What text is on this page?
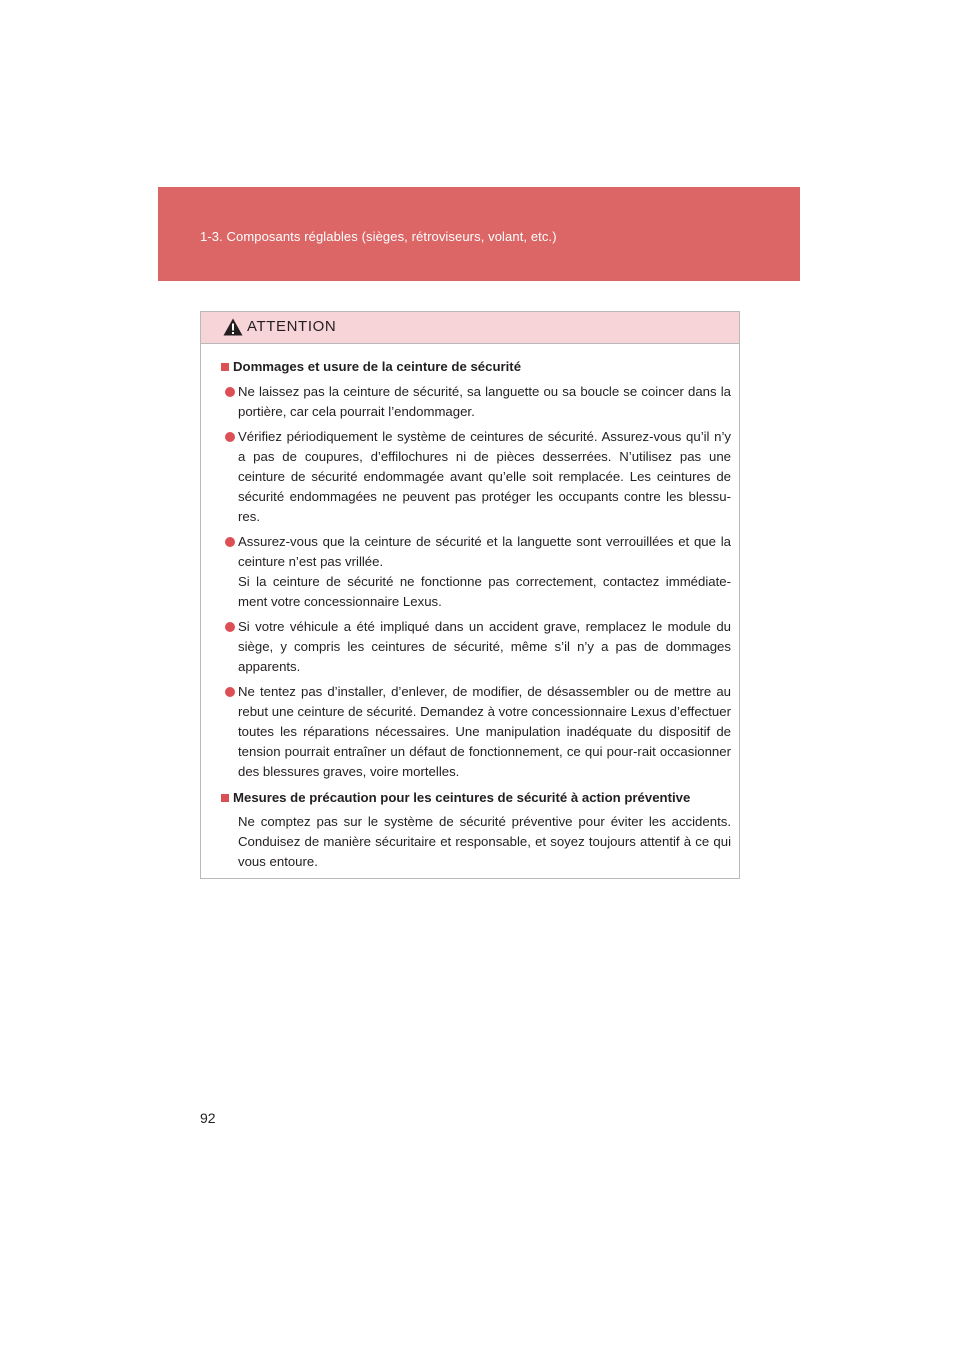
1-3. Composants réglables (sièges, rétroviseurs, volant, etc.)
ATTENTION
Dommages et usure de la ceinture de sécurité
Ne laissez pas la ceinture de sécurité, sa languette ou sa boucle se coincer dans la portière, car cela pourrait l’endommager.
Vérifiez périodiquement le système de ceintures de sécurité. Assurez-vous qu’il n’y a pas de coupures, d’effilochures ni de pièces desserrées. N’utilisez pas une ceinture de sécurité endommagée avant qu’elle soit remplacée. Les ceintures de sécurité endommagées ne peuvent pas protéger les occupants contre les blessu-res.
Assurez-vous que la ceinture de sécurité et la languette sont verrouillées et que la ceinture n’est pas vrillée.
Si la ceinture de sécurité ne fonctionne pas correctement, contactez immédiate-ment votre concessionnaire Lexus.
Si votre véhicule a été impliqué dans un accident grave, remplacez le module du siège, y compris les ceintures de sécurité, même s’il n’y a pas de dommages apparents.
Ne tentez pas d’installer, d’enlever, de modifier, de désassembler ou de mettre au rebut une ceinture de sécurité. Demandez à votre concessionnaire Lexus d’effectuer toutes les réparations nécessaires. Une manipulation inadéquate du dispositif de tension pourrait entraîner un défaut de fonctionnement, ce qui pour-rait occasionner des blessures graves, voire mortelles.
Mesures de précaution pour les ceintures de sécurité à action préventive
Ne comptez pas sur le système de sécurité préventive pour éviter les accidents. Conduisez de manière sécuritaire et responsable, et soyez toujours attentif à ce qui vous entoure.
92
